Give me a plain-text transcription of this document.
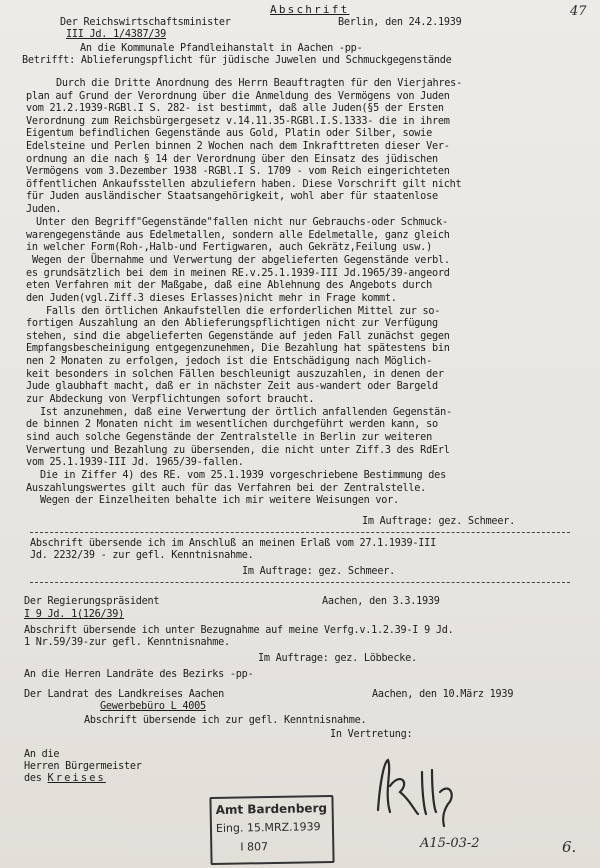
Abschrift	47
Der Reichswirtschaftsminister	Berlin, den 24.2.1939
III Jd. 1/4387/39
An die Kommunale Pfandleihanstalt in Aachen -pp-
Betrifft: Ablieferungspflicht für jüdische Juwelen und Schmuckgegenstände
Durch die Dritte Anordnung des Herrn Beauftragten für den Vierjahres-
plan auf Grund der Verordnung über die Anmeldung des Vermögens von Juden
vom 21.2.1939-RGBl.I S. 282- ist bestimmt, daß alle Juden(§5 der Ersten
Verordnung zum Reichsbürgergesetz v.14.11.35-RGBl.I.S.1333- die in ihrem
Eigentum befindlichen Gegenstände aus Gold, Platin oder Silber, sowie
Edelsteine und Perlen binnen 2 Wochen nach dem Inkrafttreten dieser Ver-
ordnung an die nach § 14 der Verordnung über den Einsatz des jüdischen
Vermögens vom 3.Dezember 1938 -RGBl.I S. 1709 - vom Reich eingerichteten
öffentlichen Ankaufsstellen abzuliefern haben. Diese Vorschrift gilt nicht
für Juden ausländischer Staatsangehörigkeit, wohl aber für staatenlose
Juden.
Unter den Begriff"Gegenstände"fallen nicht nur Gebrauchs-oder Schmuck-
warengegenstände aus Edelmetallen, sondern alle Edelmetalle, ganz gleich
in welcher Form(Roh-,Halb-und Fertigwaren, auch Gekrätz,Feilung usw.)
Wegen der Übernahme und Verwertung der abgelieferten Gegenstände verbl.
es grundsätzlich bei dem in meinen RE.v.25.1.1939-III Jd.1965/39-angeord
eten Verfahren mit der Maßgabe, daß eine Ablehnung des Angebots durch
den Juden(vgl.Ziff.3 dieses Erlasses)nicht mehr in Frage kommt.
Falls den örtlichen Ankaufstellen die erforderlichen Mittel zur so-
fortigen Auszahlung an den Ablieferungspflichtigen nicht zur Verfügung
stehen, sind die abgelieferten Gegenstände auf jeden Fall zunächst gegen
Empfangsbescheinigung entgegenzunehmen, Die Bezahlung hat spätestens bin
nen 2 Monaten zu erfolgen, jedoch ist die Entschädigung nach Möglich-
keit besonders in solchen Fällen beschleunigt auszuzahlen, in denen der
Jude glaubhaft macht, daß er in nächster Zeit aus-wandert oder Bargeld
zur Abdeckung von Verpflichtungen sofort braucht.
Ist anzunehmen, daß eine Verwertung der örtlich anfallenden Gegenstän-
de binnen 2 Monaten nicht im wesentlichen durchgeführt werden kann, so
sind auch solche Gegenstände der Zentralstelle in Berlin zur weiteren
Verwertung und Bezahlung zu übersenden, die nicht unter Ziff.3 des RdErl
vom 25.1.1939-III Jd. 1965/39-fallen.
Die in Ziffer 4) des RE. vom 25.1.1939 vorgeschriebene Bestimmung des
Auszahlungswertes gilt auch für das Verfahren bei der Zentralstelle.
Wegen der Einzelheiten behalte ich mir weitere Weisungen vor.
Im Auftrage: gez. Schmeer.
Abschrift übersende ich im Anschluß an meinen Erlaß vom 27.1.1939-III
Jd. 2232/39 - zur gefl. Kenntnisnahme.
Im Auftrage: gez. Schmeer.
Der Regierungspräsident	Aachen, den 3.3.1939
I 9 Jd. 1(126/39)
Abschrift übersende ich unter Bezugnahme auf meine Verfg.v.1.2.39-I 9 Jd.
1 Nr.59/39-zur gefl. Kenntnisnahme.
Im Auftrage: gez. Löbbecke.
An die Herren Landräte des Bezirks -pp-
Der Landrat des Landkreises Aachen	Aachen, den 10.März 1939
Gewerbebüro L 4005
Abschrift übersende ich zur gefl. Kenntnisnahme.
In Vertretung:
An die
Herren Bürgermeister
des Kreises
Amt Bardenberg
Eing. 15.MRZ.1939
I 807	A15-03-2	6.
